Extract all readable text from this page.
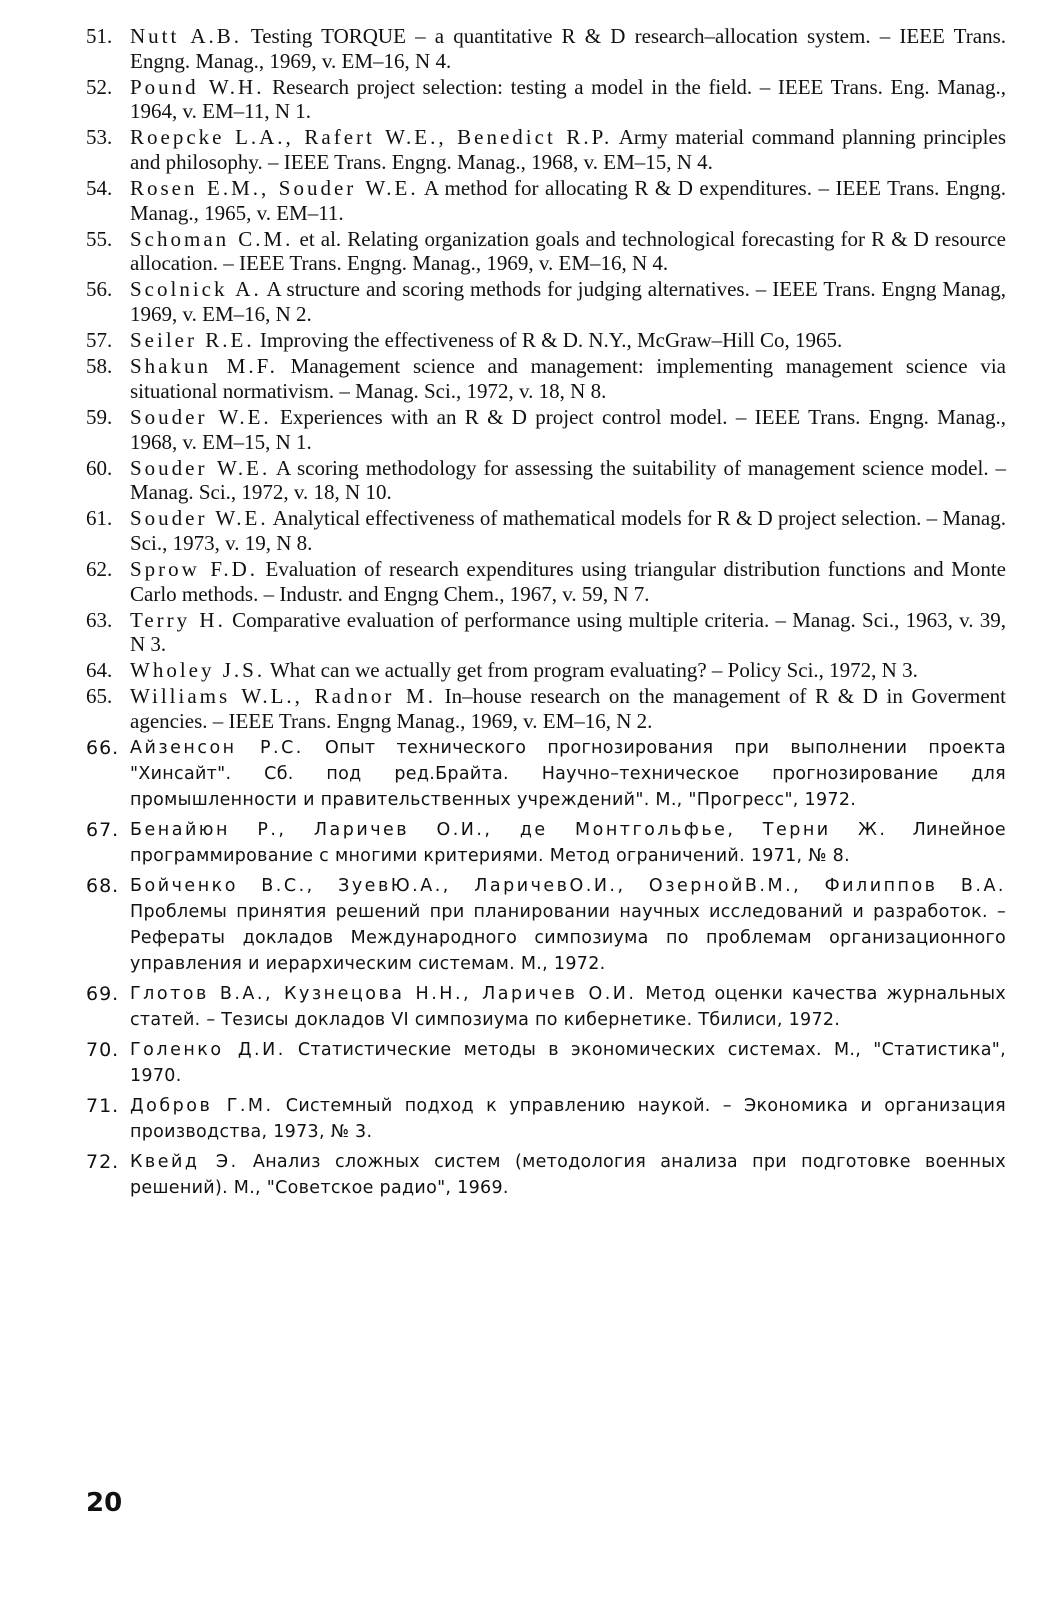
51. Nutt A.B. Testing TORQUE – a quantitative R & D research–allocation system. – IEEE Trans. Engng. Manag., 1969, v. EM–16, N 4.
52. Pound W.H. Research project selection: testing a model in the field. – IEEE Trans. Eng. Manag., 1964, v. EM–11, N 1.
53. Roepcke L.A., Rafert W.E., Benedict R.P. Army material command planning principles and philosophy. – IEEE Trans. Engng. Manag., 1968, v. EM–15, N 4.
54. Rosen E.M., Souder W.E. A method for allocating R & D expenditures. – IEEE Trans. Engng. Manag., 1965, v. EM–11.
55. Schoman C.M. et al. Relating organization goals and technological forecasting for R & D resource allocation. – IEEE Trans. Engng. Manag., 1969, v. EM–16, N 4.
56. Scolnick A. A structure and scoring methods for judging alternatives. – IEEE Trans. Engng Manag, 1969, v. EM–16, N 2.
57. Seiler R.E. Improving the effectiveness of R & D. N.Y., McGraw–Hill Co, 1965.
58. Shakun M.F. Management science and management: implementing management science via situational normativism. – Manag. Sci., 1972, v. 18, N 8.
59. Souder W.E. Experiences with an R & D project control model. – IEEE Trans. Engng. Manag., 1968, v. EM–15, N 1.
60. Souder W.E. A scoring methodology for assessing the suitability of management science model. – Manag. Sci., 1972, v. 18, N 10.
61. Souder W.E. Analytical effectiveness of mathematical models for R & D project selection. – Manag. Sci., 1973, v. 19, N 8.
62. Sprow F.D. Evaluation of research expenditures using triangular distribution functions and Monte Carlo methods. – Industr. and Engng Chem., 1967, v. 59, N 7.
63. Terry H. Comparative evaluation of performance using multiple criteria. – Manag. Sci., 1963, v. 39, N 3.
64. Wholey J.S. What can we actually get from program evaluating? – Policy Sci., 1972, N 3.
65. Williams W.L., Radnor M. In–house research on the management of R & D in Goverment agencies. – IEEE Trans. Engng Manag., 1969, v. EM–16, N 2.
66. Айзенсон Р.С. Опыт технического прогнозирования при выполнении проекта "Хинсайт". Сб. под ред.Брайта. Научно–техническое прогнозирование для промышленности и правительственных учреждений". М., "Прогресс", 1972.
67. Бенайюн Р., Ларичев О.И., де Монтгольфье, Терни Ж. Линейное программирование с многими критериями. Метод ограничений. 1971, № 8.
68. Бойченко В.С., ЗуевЮ.А., ЛаричевО.И., ОзернойВ.М., Филиппов В.А. Проблемы принятия решений при планировании научных исследований и разработок. – Рефераты докладов Международного симпозиума по проблемам организационного управления и иерархическим системам. М., 1972.
69. Глотов В.А., Кузнецова Н.Н., Ларичев О.И. Метод оценки качества журнальных статей. – Тезисы докладов VI симпозиума по кибернетике. Тбилиси, 1972.
70. Голенко Д.И. Статистические методы в экономических системах. М., "Статистика", 1970.
71. Добров Г.М. Системный подход к управлению наукой. – Экономика и организация производства, 1973, № 3.
72. Квейд Э. Анализ сложных систем (методология анализа при подготовке военных решений). М., "Советское радио", 1969.
20
